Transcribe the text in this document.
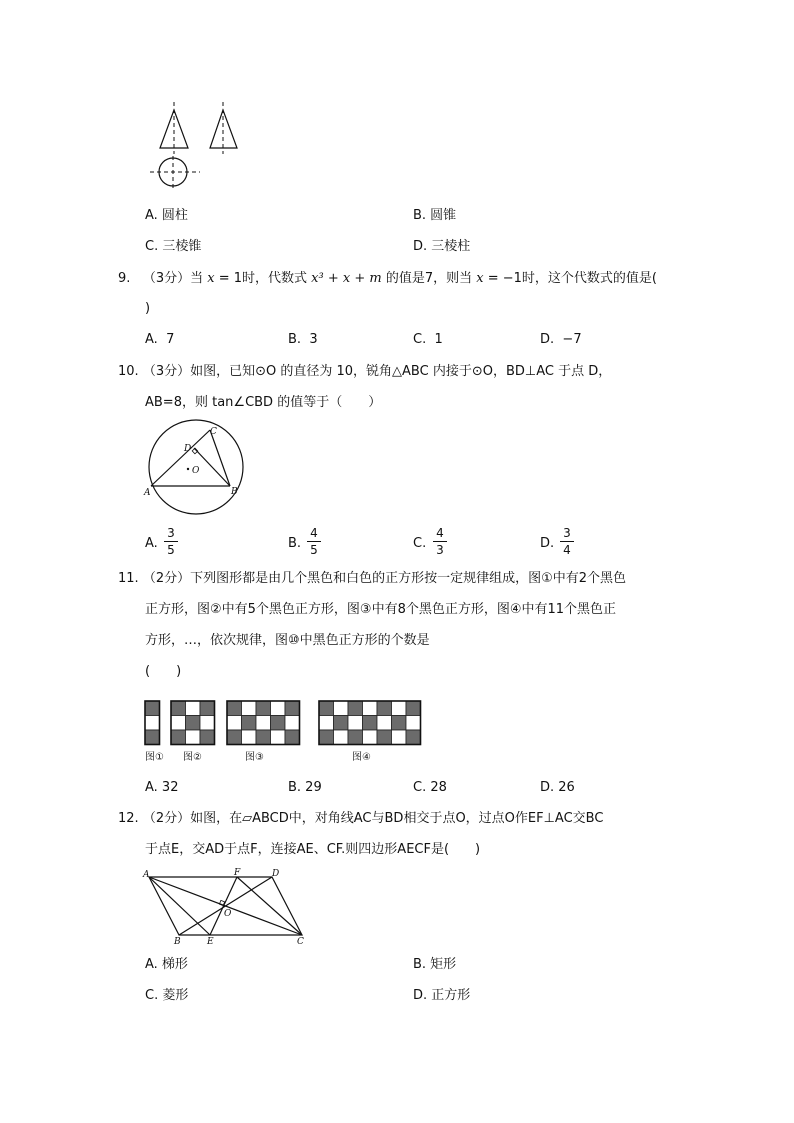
A. 圆柱	B. 圆锥
C. 三棱锥	D. 三棱柱
9. （3分）当 x = 1时，代数式 x³ + x + m 的值是7，则当 x = −1时，这个代数式的值是(
)
A. 7	B. 3	C. 1	D. −7
10. （3分）如图，已知⊙O 的直径为 10，锐角△ABC 内接于⊙O，BD⊥AC 于点 D，
AB=8，则 tan∠CBD 的值等于（　　）
A	B
C
D
O
A.
3
5	B.
4
5	C.
4
3	D.
3
4
11. （2分）下列图形都是由几个黑色和白色的正方形按一定规律组成，图①中有2个黑色
正方形，图②中有5个黑色正方形，图③中有8个黑色正方形，图④中有11个黑色正
方形，…，依次规律，图⑩中黑色正方形的个数是
(　　)
图① 图②	图③	图④
A. 32	B. 29	C. 28	D. 26
12. （2分）如图，在▱ABCD中，对角线AC与BD相交于点O，过点O作EF⊥AC交BC
于点E，交AD于点F，连接AE、CF.则四边形AECF是(　　)
A	D
B	E	C
F
O
A. 梯形	B. 矩形
C. 菱形	D. 正方形
